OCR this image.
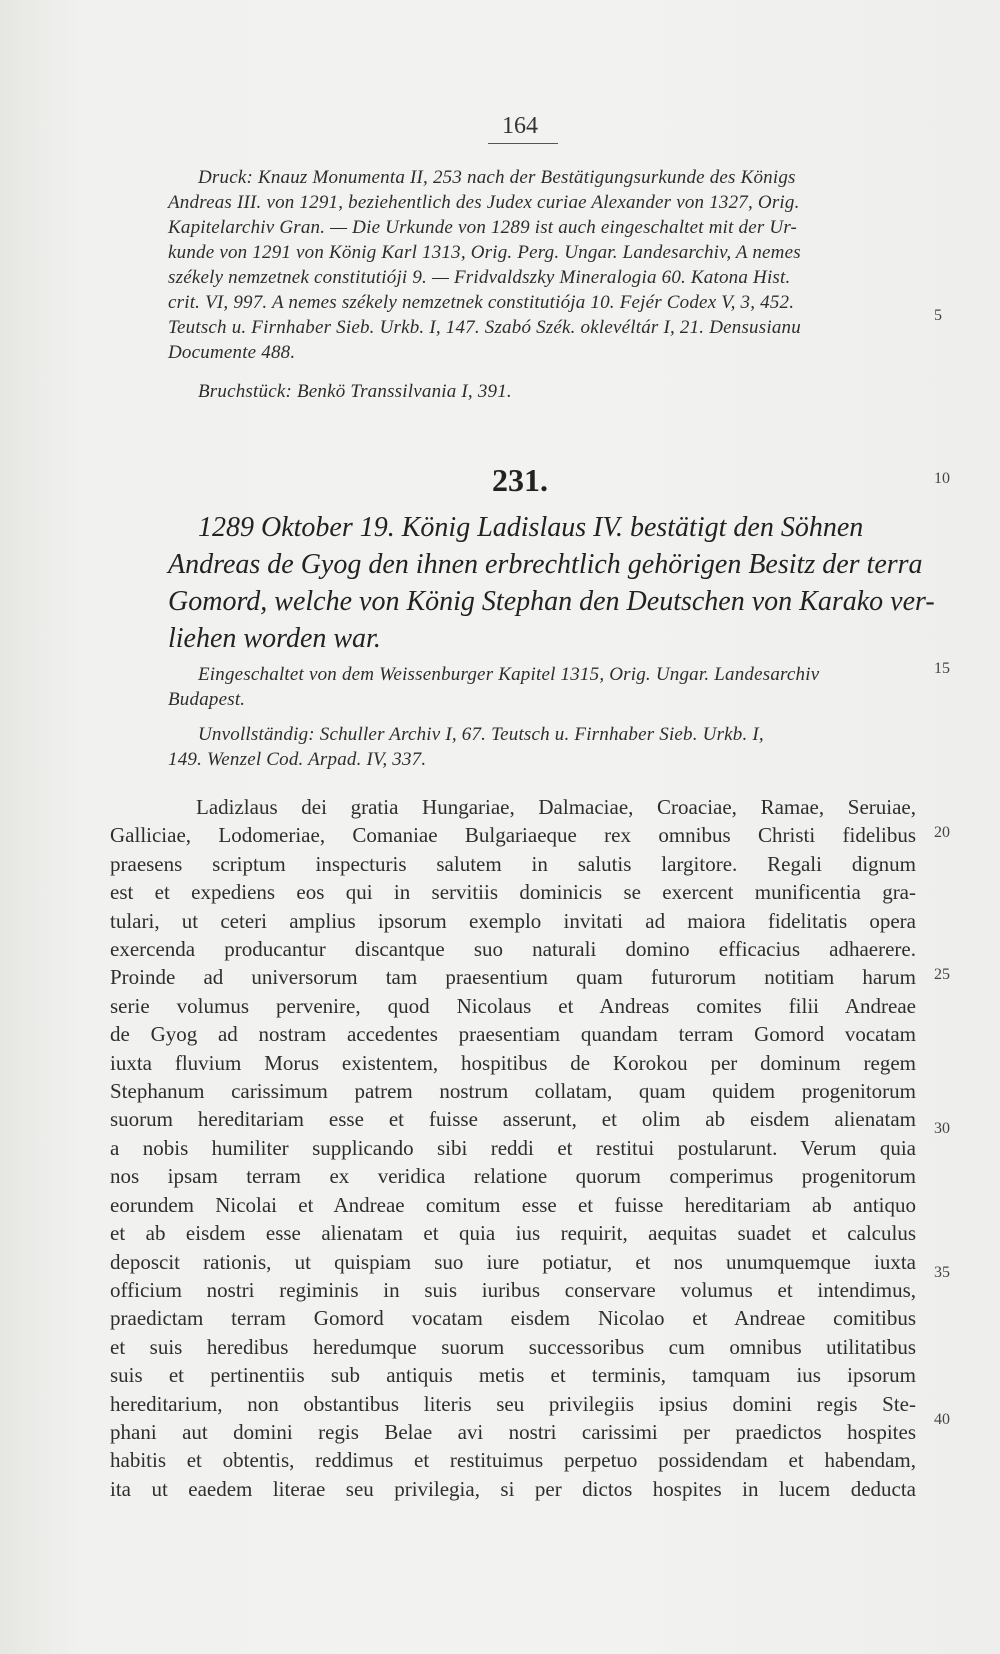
164
Druck: Knauz Monumenta II, 253 nach der Bestätigungsurkunde des Königs
Andreas III. von 1291, beziehentlich des Judex curiae Alexander von 1327, Orig.
Kapitelarchiv Gran. — Die Urkunde von 1289 ist auch eingeschaltet mit der Ur-
kunde von 1291 von König Karl 1313, Orig. Perg. Ungar. Landesarchiv, A nemes
székely nemzetnek constitutióji 9. — Fridvaldszky Mineralogia 60. Katona Hist.
crit. VI, 997. A nemes székely nemzetnek constitutiója 10. Fejér Codex V, 3, 452.
Teutsch u. Firnhaber Sieb. Urkb. I, 147. Szabó Szék. oklevéltár I, 21. Densusianu
Documente 488.
Bruchstück: Benkö Transsilvania I, 391.
231.
1289 Oktober 19. König Ladislaus IV. bestätigt den Söhnen
Andreas de Gyog den ihnen erbrechtlich gehörigen Besitz der terra
Gomord, welche von König Stephan den Deutschen von Karako ver-
liehen worden war.
Eingeschaltet von dem Weissenburger Kapitel 1315, Orig. Ungar. Landesarchiv
Budapest.
Unvollständig: Schuller Archiv I, 67. Teutsch u. Firnhaber Sieb. Urkb. I,
149. Wenzel Cod. Arpad. IV, 337.
Ladizlaus dei gratia Hungariae, Dalmaciae, Croaciae, Ramae, Seruiae,
Galliciae, Lodomeriae, Comaniae Bulgariaeque rex omnibus Christi fidelibus
praesens scriptum inspecturis salutem in salutis largitore. Regali dignum
est et expediens eos qui in servitiis dominicis se exercent munificentia gra-
tulari, ut ceteri amplius ipsorum exemplo invitati ad maiora fidelitatis opera
exercenda producantur discantque suo naturali domino efficacius adhaerere.
Proinde ad universorum tam praesentium quam futurorum notitiam harum
serie volumus pervenire, quod Nicolaus et Andreas comites filii Andreae
de Gyog ad nostram accedentes praesentiam quandam terram Gomord vocatam
iuxta fluvium Morus existentem, hospitibus de Korokou per dominum regem
Stephanum carissimum patrem nostrum collatam, quam quidem progenitorum
suorum hereditariam esse et fuisse asserunt, et olim ab eisdem alienatam
a nobis humiliter supplicando sibi reddi et restitui postularunt. Verum quia
nos ipsam terram ex veridica relatione quorum comperimus progenitorum
eorundem Nicolai et Andreae comitum esse et fuisse hereditariam ab antiquo
et ab eisdem esse alienatam et quia ius requirit, aequitas suadet et calculus
deposcit rationis, ut quispiam suo iure potiatur, et nos unumquemque iuxta
officium nostri regiminis in suis iuribus conservare volumus et intendimus,
praedictam terram Gomord vocatam eisdem Nicolao et Andreae comitibus
et suis heredibus heredumque suorum successoribus cum omnibus utilitatibus
suis et pertinentiis sub antiquis metis et terminis, tamquam ius ipsorum
hereditarium, non obstantibus literis seu privilegiis ipsius domini regis Ste-
phani aut domini regis Belae avi nostri carissimi per praedictos hospites
habitis et obtentis, reddimus et restituimus perpetuo possidendam et habendam,
ita ut eaedem literae seu privilegia, si per dictos hospites in lucem deducta
5
10
15
20
25
30
35
40
